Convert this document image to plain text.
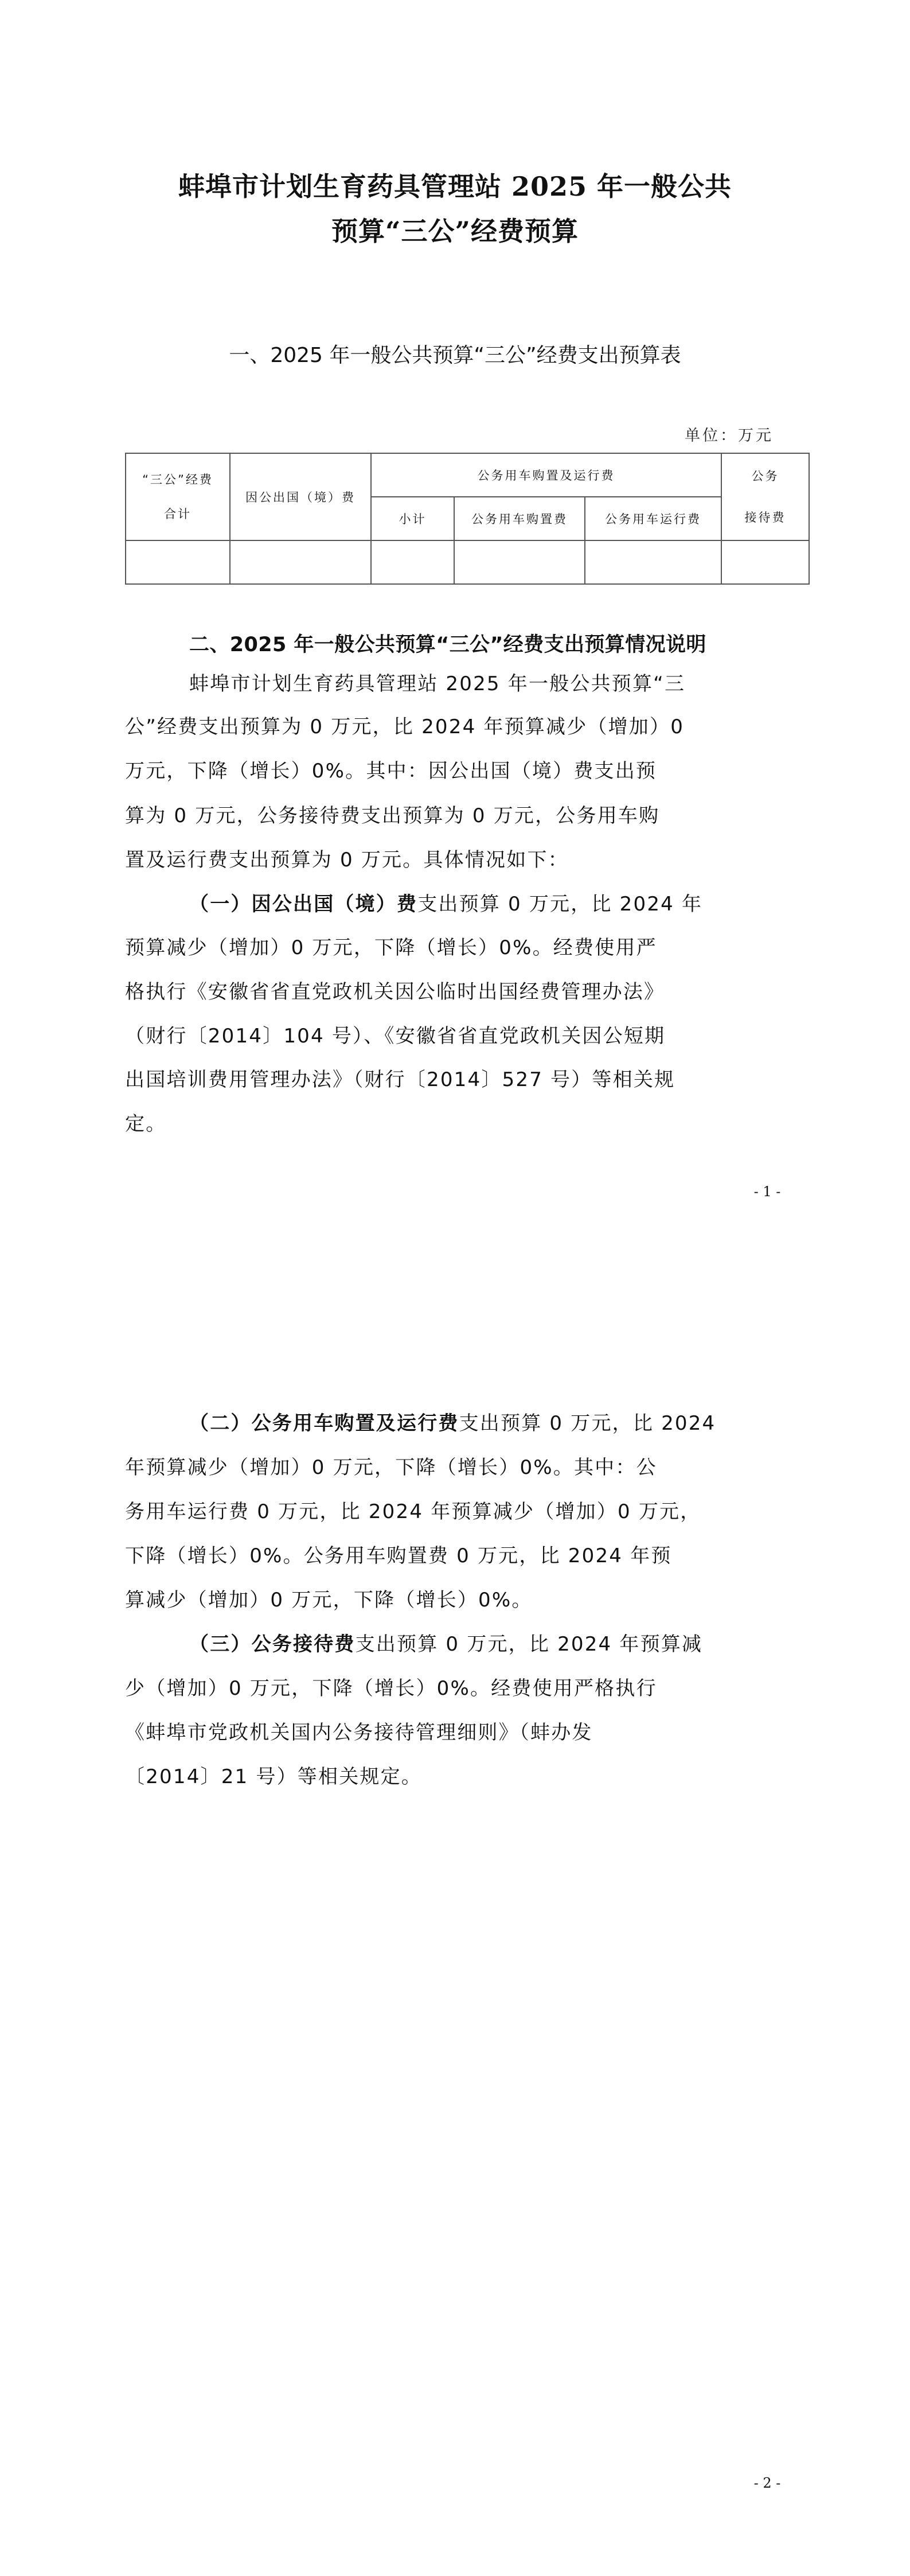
蚌埠市计划生育药具管理站 2025 年一般公共
预算“三公”经费预算
一、2025 年一般公共预算“三公”经费支出预算表
单位：万元
“三公”经费
合计
	因公出国（境）费	公务用车购置及运行费	公务
接待费

		小计	公务用车购置费	公务用车运行费	

二、2025 年一般公共预算“三公”经费支出预算情况说明
蚌埠市计划生育药具管理站 2025 年一般公共预算“三
公”经费支出预算为 0 万元，比 2024 年预算减少（增加）0
万元，下降（增长）0%。其中：因公出国（境）费支出预
算为 0 万元，公务接待费支出预算为 0 万元，公务用车购
置及运行费支出预算为 0 万元。具体情况如下：
（一）因公出国（境）费支出预算 0 万元，比 2024 年
预算减少（增加）0 万元，下降（增长）0%。经费使用严
格执行《安徽省省直党政机关因公临时出国经费管理办法》
（财行〔2014〕104 号）、《安徽省省直党政机关因公短期
出国培训费用管理办法》（财行〔2014〕527 号）等相关规
定。
- 1 -
（二）公务用车购置及运行费支出预算 0 万元，比 2024
年预算减少（增加）0 万元，下降（增长）0%。其中：公
务用车运行费 0 万元，比 2024 年预算减少（增加）0 万元，
下降（增长）0%。公务用车购置费 0 万元，比 2024 年预
算减少（增加）0 万元，下降（增长）0%。
（三）公务接待费支出预算 0 万元，比 2024 年预算减
少（增加）0 万元，下降（增长）0%。经费使用严格执行
《蚌埠市党政机关国内公务接待管理细则》（蚌办发
〔2014〕21 号）等相关规定。
- 2 -
